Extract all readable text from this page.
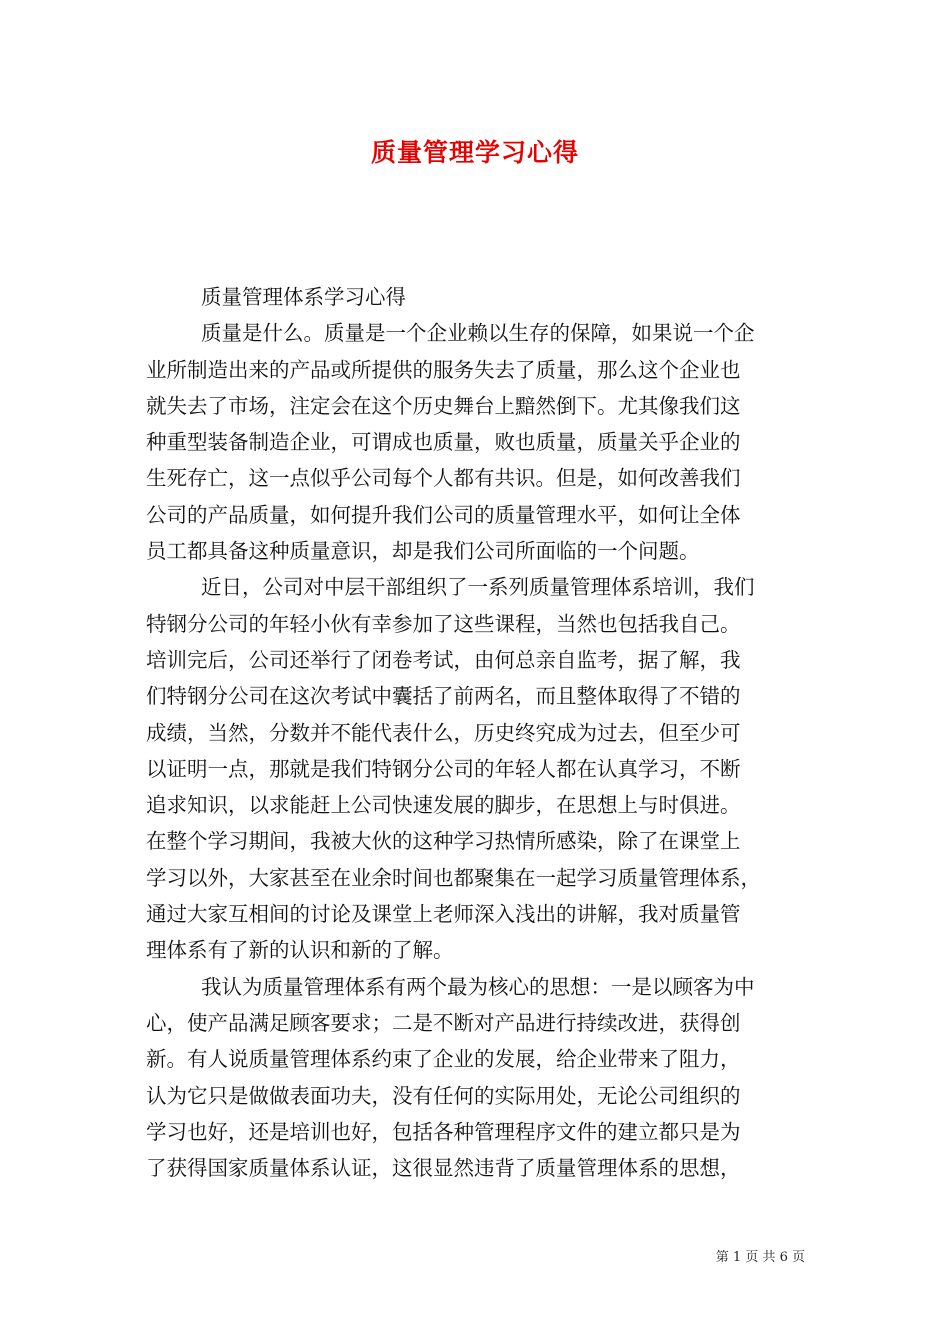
质量管理学习心得
质量管理体系学习心得
质量是什么。质量是一个企业赖以生存的保障，如果说一个企
业所制造出来的产品或所提供的服务失去了质量，那么这个企业也
就失去了市场，注定会在这个历史舞台上黯然倒下。尤其像我们这
种重型装备制造企业，可谓成也质量，败也质量，质量关乎企业的
生死存亡，这一点似乎公司每个人都有共识。但是，如何改善我们
公司的产品质量，如何提升我们公司的质量管理水平，如何让全体
员工都具备这种质量意识，却是我们公司所面临的一个问题。
近日，公司对中层干部组织了一系列质量管理体系培训，我们
特钢分公司的年轻小伙有幸参加了这些课程，当然也包括我自己。
培训完后，公司还举行了闭卷考试，由何总亲自监考，据了解，我
们特钢分公司在这次考试中囊括了前两名，而且整体取得了不错的
成绩，当然，分数并不能代表什么，历史终究成为过去，但至少可
以证明一点，那就是我们特钢分公司的年轻人都在认真学习，不断
追求知识，以求能赶上公司快速发展的脚步，在思想上与时俱进。
在整个学习期间，我被大伙的这种学习热情所感染，除了在课堂上
学习以外，大家甚至在业余时间也都聚集在一起学习质量管理体系，
通过大家互相间的讨论及课堂上老师深入浅出的讲解，我对质量管
理体系有了新的认识和新的了解。
我认为质量管理体系有两个最为核心的思想：一是以顾客为中
心，使产品满足顾客要求；二是不断对产品进行持续改进，获得创
新。有人说质量管理体系约束了企业的发展，给企业带来了阻力，
认为它只是做做表面功夫，没有任何的实际用处，无论公司组织的
学习也好，还是培训也好，包括各种管理程序文件的建立都只是为
了获得国家质量体系认证，这很显然违背了质量管理体系的思想，
第 1 页 共 6 页
